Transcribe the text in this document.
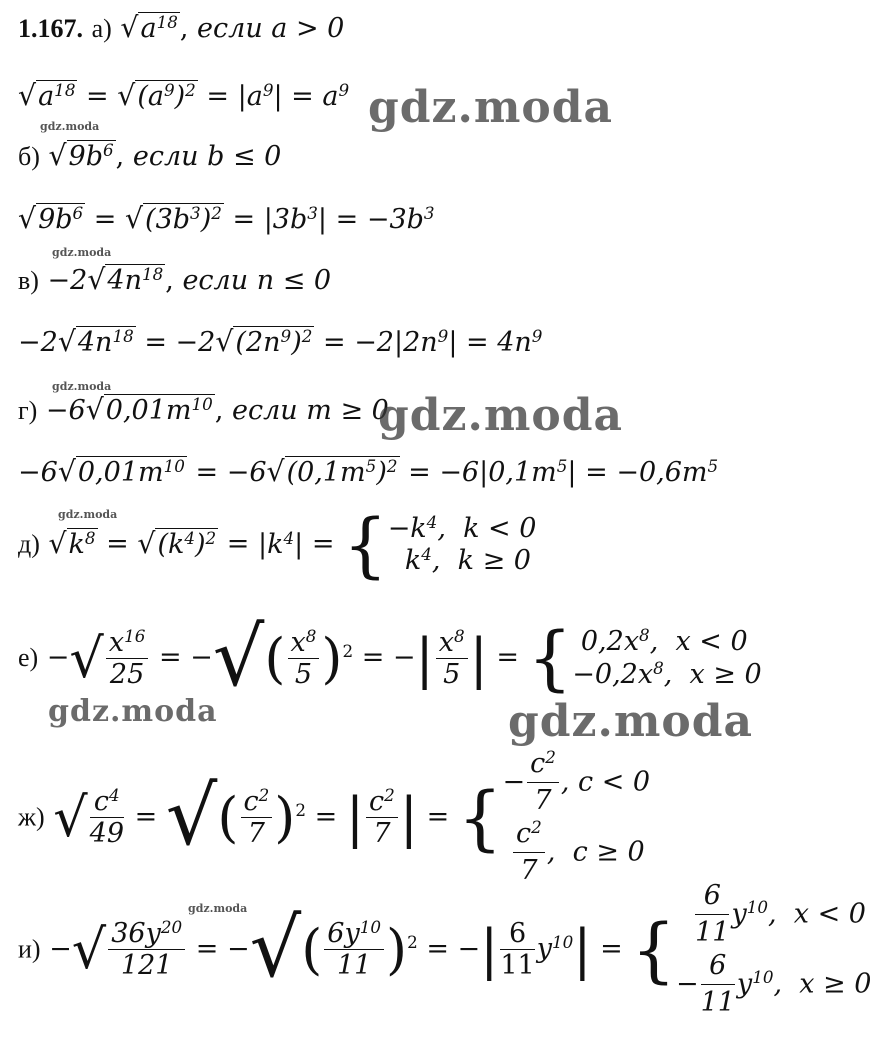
1.167. а) $√a^{18}$, если a > 0
$√a^{18} = √(a^9)^2 = |a^9| = a^9$
б) $√9b^6$, если b ≤ 0
$√9b^6 = √(3b^3)^2 = |3b^3| = -3b^3$
$в) -2√4n^{18}$, если n ≤ 0
$-2√4n^{18} = -2√(2n^9)^2 = -2|2n^9| = 4n^9$
$г) -6√0,01m^{10}$, если m ≥ 0
$-6√0,01m^{10} = -6√(0,1m^5)^2 = -6|0,1m^5| = -0,6m^5$
д) $√k^8 = √(k^4)^2 = |k^4|$ = { $-k^4$,  k < 0
$k^4$,  k ≥ 0
е) −√ $\frac{x^{16}}{25}$ = −√( $\frac{x^8}{5} )^2$ = −| $\frac{x^8}{5}$ | = { $0,2x^8$,  x < 0
$-0,2x^8$,  x ≥ 0
ж) √ $\frac{c^4}{49}$ = √( $\frac{c^2}{7} )^2$ = | $\frac{c^2}{7}$ | = { − $\frac{c^2}{7}$ , c < 0

$\frac{c^2}{7}$ ,  c ≥ 0
и) −√ $\frac{36y^{20}}{121}$ = −√( $\frac{6y^{10}}{11} )^2$ = −| $\frac{6}{11} y^{10}|$ = {
$\frac{6}{11} y^{10}$,  x < 0
− $\frac{6}{11} y^{10}$,  x ≥ 0
gdz.moda
gdz.moda
gdz.moda	gdz.moda
gdz.moda
gdz.moda
gdz.moda
gdz.moda
gdz.moda
